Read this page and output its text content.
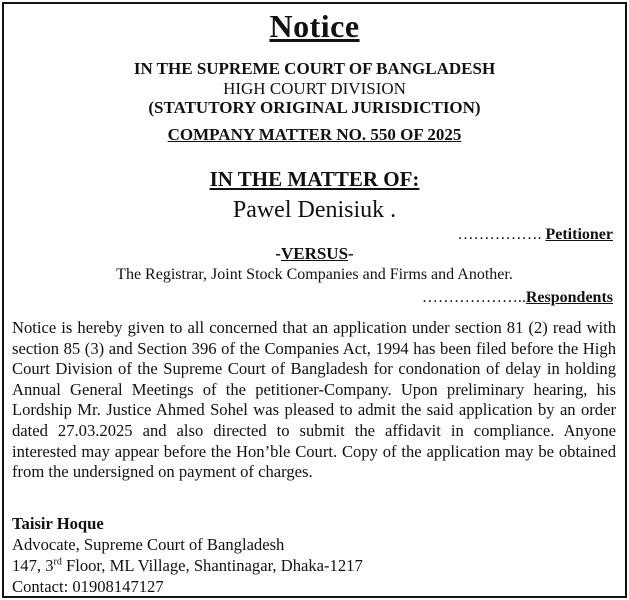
Notice
IN THE SUPREME COURT OF BANGLADESH
HIGH COURT DIVISION
(STATUTORY ORIGINAL JURISDICTION)
COMPANY MATTER NO. 550 OF 2025
IN THE MATTER OF:
Pawel Denisiuk .
……………. Petitioner
-VERSUS-
The Registrar, Joint Stock Companies and Firms and Another.
………………..Respondents

Notice is hereby given to all concerned that an application under section 81 (2) read with section 85 (3) and Section 396 of the Companies Act, 1994 has been filed before the High Court Division of the Supreme Court of Bangladesh for condonation of delay in holding Annual General Meetings of the petitioner-Company. Upon preliminary hearing, his Lordship Mr. Justice Ahmed Sohel was pleased to admit the said application by an order dated 27.03.2025 and also directed to submit the affidavit in compliance. Anyone interested may appear before the Hon’ble Court. Copy of the application may be obtained from the undersigned on payment of charges.

Taisir Hoque
Advocate, Supreme Court of Bangladesh
147, 3rd Floor, ML Village, Shantinagar, Dhaka-1217
Contact: 01908147127
